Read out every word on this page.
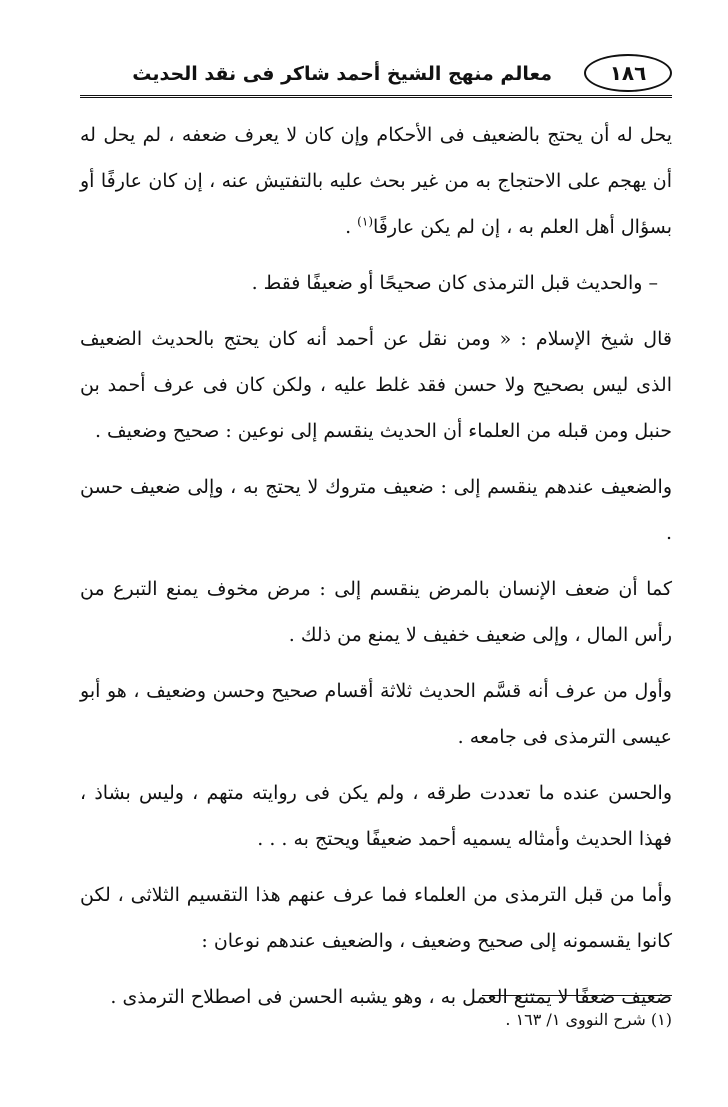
١٨٦
معالم منهج الشيخ أحمد شاكر فى نقد الحديث

يحل له أن يحتج بالضعيف فى الأحكام وإن كان لا يعرف ضعفه ، لم يحل له أن يهجم على الاحتجاج به من غير بحث عليه بالتفتيش عنه ، إن كان عارفًا أو بسؤال أهل العلم به ، إن لم يكن عارفًا$^{(١)}$ .

– والحديث قبل الترمذى كان صحيحًا أو ضعيفًا فقط .

قال شيخ الإسلام : « ومن نقل عن أحمد أنه كان يحتج بالحديث الضعيف الذى ليس بصحيح ولا حسن فقد غلط عليه ، ولكن كان فى عرف أحمد بن حنبل ومن قبله من العلماء أن الحديث ينقسم إلى نوعين : صحيح وضعيف .

والضعيف عندهم ينقسم إلى : ضعيف متروك لا يحتج به ، وإلى ضعيف حسن .

كما أن ضعف الإنسان بالمرض ينقسم إلى : مرض مخوف يمنع التبرع من رأس المال ، وإلى ضعيف خفيف لا يمنع من ذلك .

وأول من عرف أنه قسَّم الحديث ثلاثة أقسام صحيح وحسن وضعيف ، هو أبو عيسى الترمذى فى جامعه .

والحسن عنده ما تعددت طرقه ، ولم يكن فى روايته متهم ، وليس بشاذ ، فهذا الحديث وأمثاله يسميه أحمد ضعيفًا ويحتج به . . .

وأما من قبل الترمذى من العلماء فما عرف عنهم هذا التقسيم الثلاثى ، لكن كانوا يقسمونه إلى صحيح وضعيف ، والضعيف عندهم نوعان :

ضعيف ضعفًا لا يمتنع العمل به ، وهو يشبه الحسن فى اصطلاح الترمذى .

(١) شرح النووى ١/ ١٦٣ .
